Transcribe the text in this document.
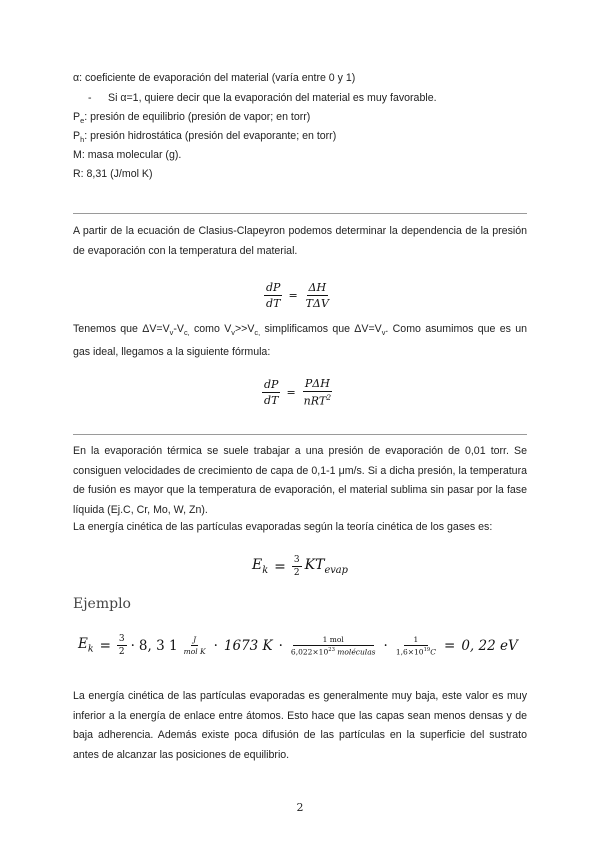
α: coeficiente de evaporación del material (varía entre 0 y 1)
- Si α=1, quiere decir que la evaporación del material es muy favorable.
$P_e$: presión de equilibrio (presión de vapor; en torr)
$P_h$: presión hidrostática (presión del evaporante; en torr)
M: masa molecular (g).
R: 8,31 (J/mol K)
A partir de la ecuación de Clasius-Clapeyron podemos determinar la dependencia de la presión de evaporación con la temperatura del material.
$\frac{dP}{dT} = \frac{\Delta H}{\text{TΔV}}$
Tenemos que $\Delta V=V_v-V_{c,}$ como $V_v>>V_{c,}$ simplificamos que $\Delta V=V_v$. Como asumimos que es un gas ideal, llegamos a la siguiente fórmula:
$\frac{dP}{dT} = \frac{\text{PΔH}}{nRT^2}$
En la evaporación térmica se suele trabajar a una presión de evaporación de 0,01 torr. Se consiguen velocidades de crecimiento de capa de 0,1-1 μm/s. Si a dicha presión, la temperatura de fusión es mayor que la temperatura de evaporación, el material sublima sin pasar por la fase líquida (Ej.C, Cr, Mo, W, Zn).
La energía cinética de las partículas evaporadas según la teoría cinética de los gases es:
$E_k = \frac{3}{2} KT_{evap}$
Ejemplo
$E_k = \frac{3}{2} \cdot 8$, 3 $1 \frac{J}{\text{mol K}} \cdot 1673$ $K \cdot \frac{\text{1 mol}}{6,022\times 10^{23} moléculas} \cdot \frac{1}{1,6\times 10^{19}C} = 0$, 22 eV
La energía cinética de las partículas evaporadas es generalmente muy baja, este valor es muy inferior a la energía de enlace entre átomos. Esto hace que las capas sean menos densas y de baja adherencia. Además existe poca difusión de las partículas en la superficie del sustrato antes de alcanzar las posiciones de equilibrio.
2
